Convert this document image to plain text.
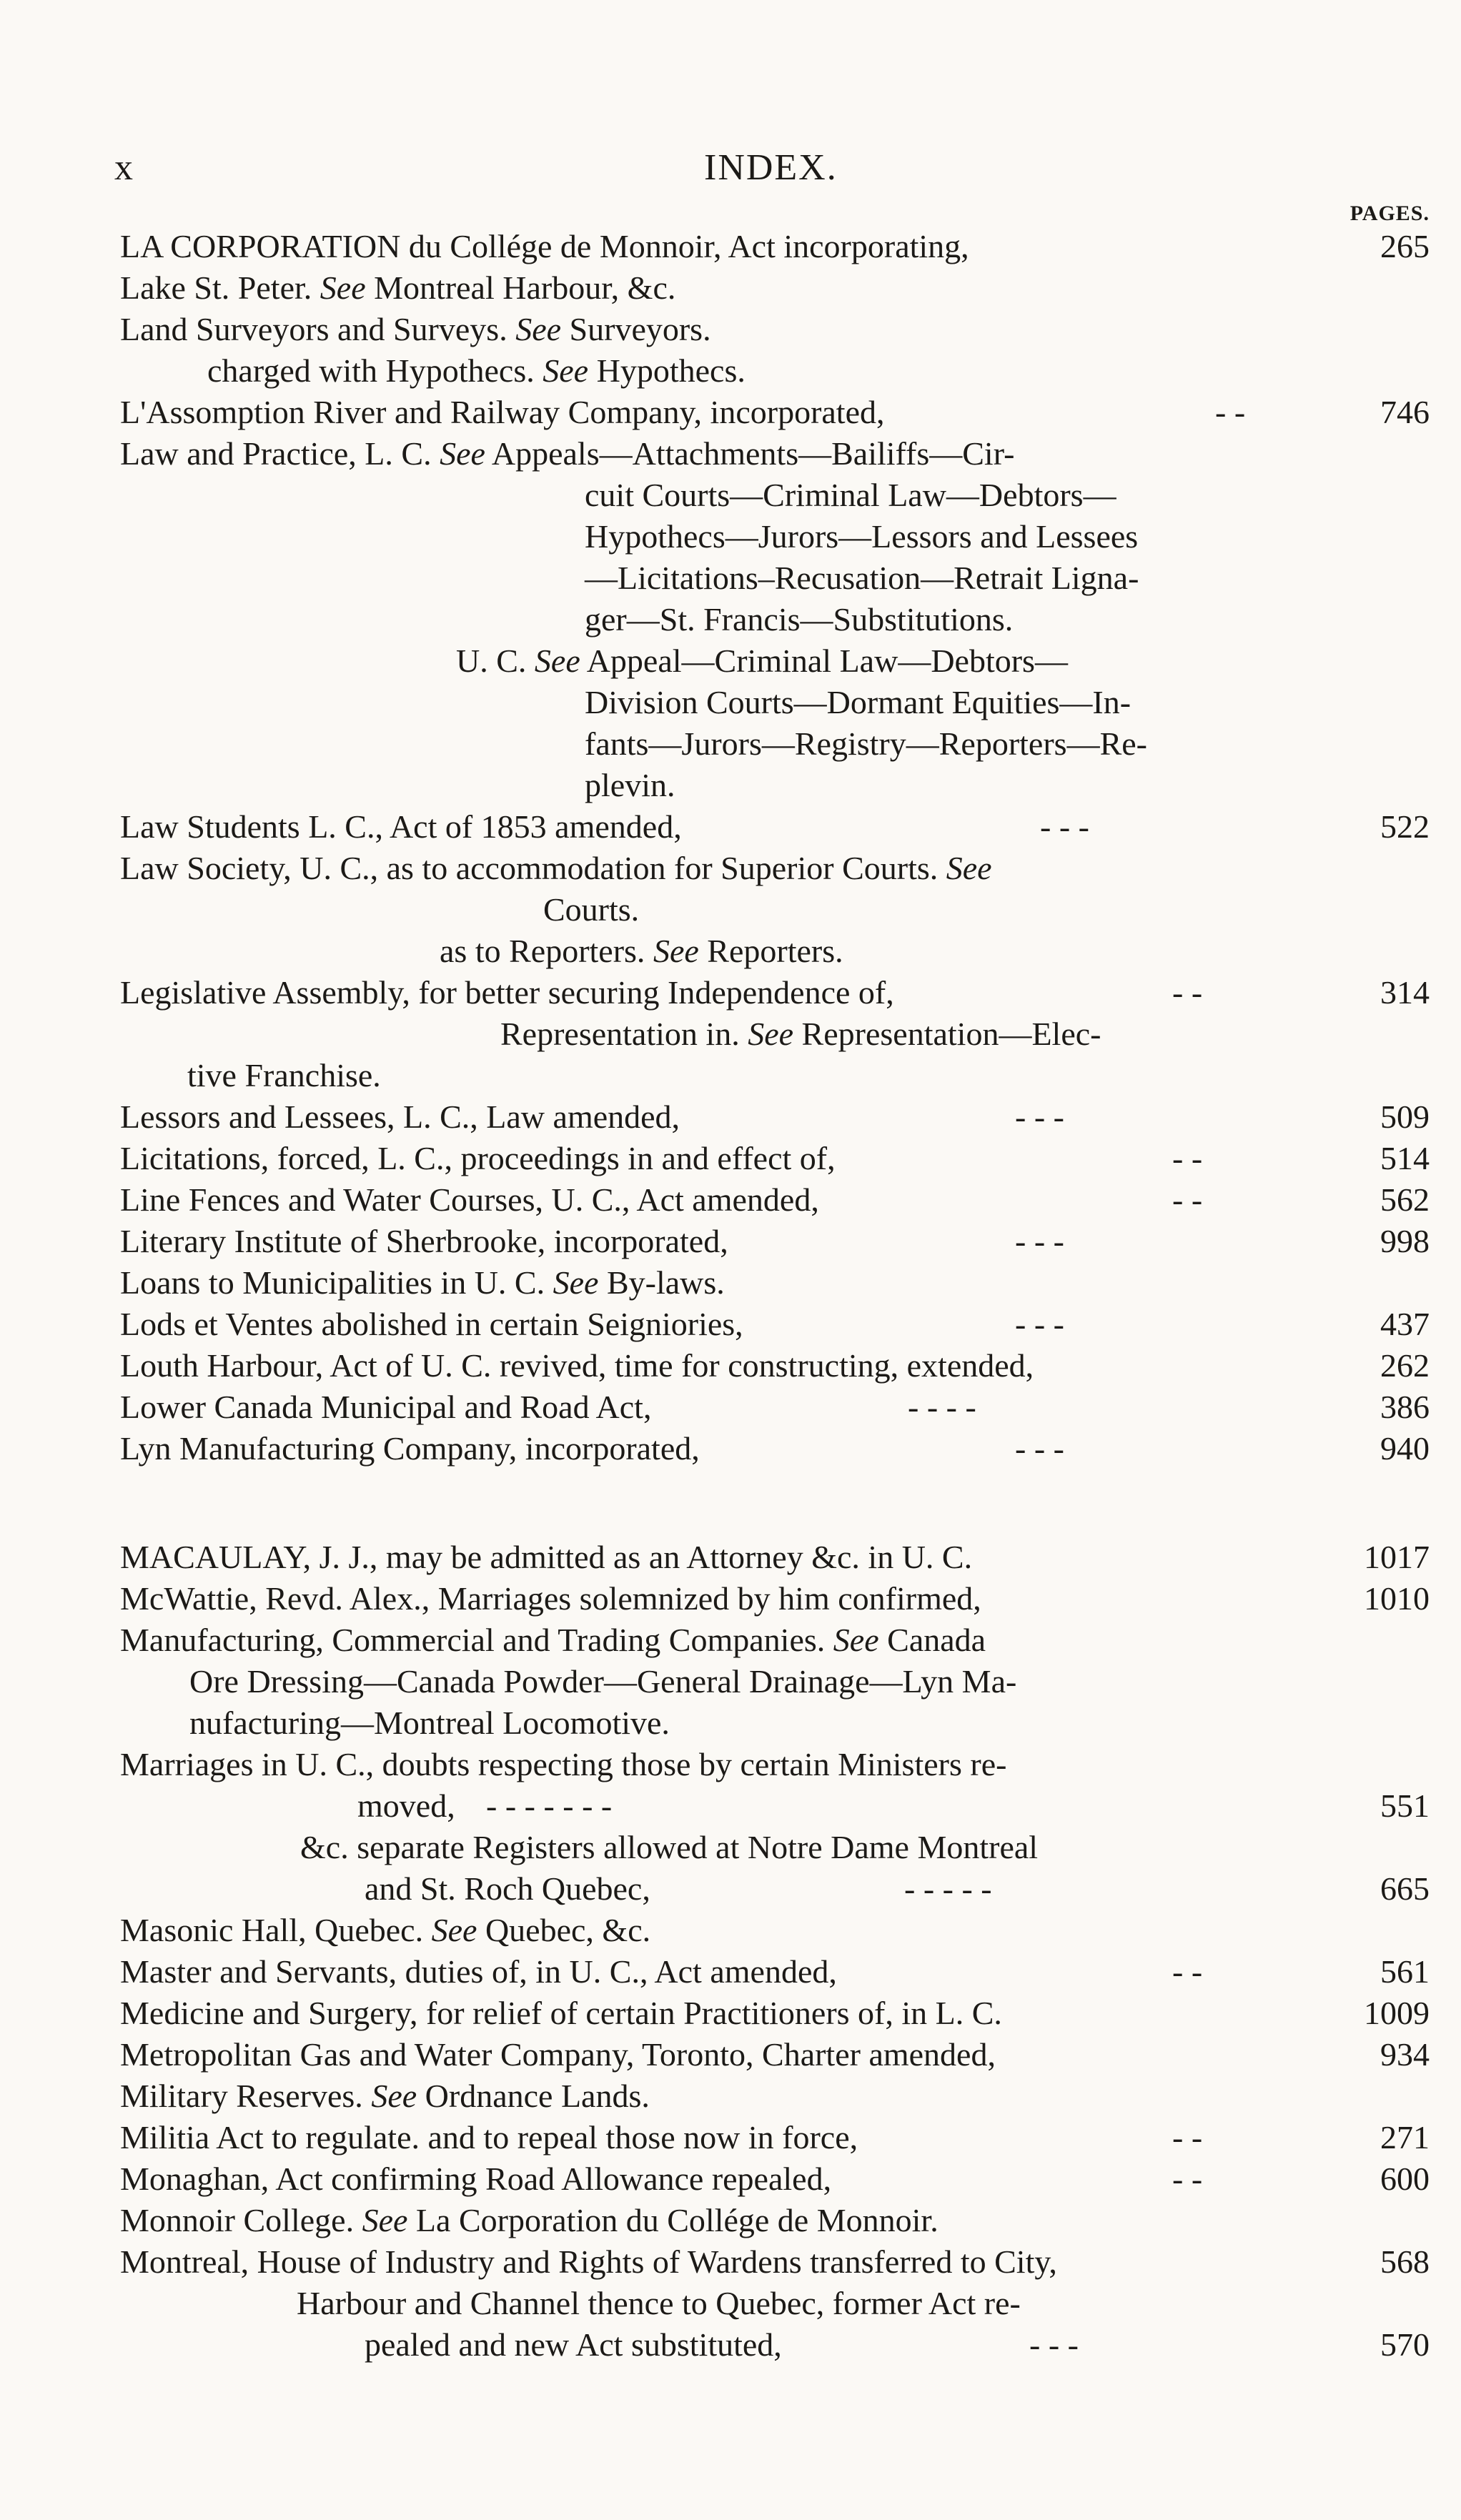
x	INDEX.
PAGES.
LA CORPORATION du Collége de Monnoir, Act incorporating,	265
Lake St. Peter. See Montreal Harbour, &c.
Land Surveyors and Surveys. See Surveyors.
charged with Hypothecs. See Hypothecs.
L'Assomption River and Railway Company, incorporated,	- -	746
Law and Practice, L. C. See Appeals—Attachments—Bailiffs—Cir-
cuit Courts—Criminal Law—Debtors—
Hypothecs—Jurors—Lessors and Lessees
—Licitations–Recusation—Retrait Ligna-
ger—St. Francis—Substitutions.
U. C. See Appeal—Criminal Law—Debtors—
Division Courts—Dormant Equities—In-
fants—Jurors—Registry—Reporters—Re-
plevin.
Law Students L. C., Act of 1853 amended,	- - -	522
Law Society, U. C., as to accommodation for Superior Courts. See
Courts.
as to Reporters. See Reporters.
Legislative Assembly, for better securing Independence of,	- -	314
Representation in. See Representation—Elec-
tive Franchise.
Lessors and Lessees, L. C., Law amended,	- - -	509
Licitations, forced, L. C., proceedings in and effect of,	- -	514
Line Fences and Water Courses, U. C., Act amended,	- -	562
Literary Institute of Sherbrooke, incorporated,	- - -	998
Loans to Municipalities in U. C. See By-laws.
Lods et Ventes abolished in certain Seigniories,	- - -	437
Louth Harbour, Act of U. C. revived, time for constructing, extended,	262
Lower Canada Municipal and Road Act,	- - - -	386
Lyn Manufacturing Company, incorporated,	- - -	940
MACAULAY, J. J., may be admitted as an Attorney &c. in U. C.	1017
McWattie, Revd. Alex., Marriages solemnized by him confirmed,	1010
Manufacturing, Commercial and Trading Companies. See Canada
Ore Dressing—Canada Powder—General Drainage—Lyn Ma-
nufacturing—Montreal Locomotive.
Marriages in U. C., doubts respecting those by certain Ministers re-
moved, - - - - - - -	551
&c. separate Registers allowed at Notre Dame Montreal
and St. Roch Quebec,	- - - - -	665
Masonic Hall, Quebec. See Quebec, &c.
Master and Servants, duties of, in U. C., Act amended,	- -	561
Medicine and Surgery, for relief of certain Practitioners of, in L. C.	1009
Metropolitan Gas and Water Company, Toronto, Charter amended,	934
Military Reserves. See Ordnance Lands.
Militia Act to regulate. and to repeal those now in force,	- -	271
Monaghan, Act confirming Road Allowance repealed,	- -	600
Monnoir College. See La Corporation du Collége de Monnoir.
Montreal, House of Industry and Rights of Wardens transferred to City,	568
Harbour and Channel thence to Quebec, former Act re-
pealed and new Act substituted,	- - -	570
